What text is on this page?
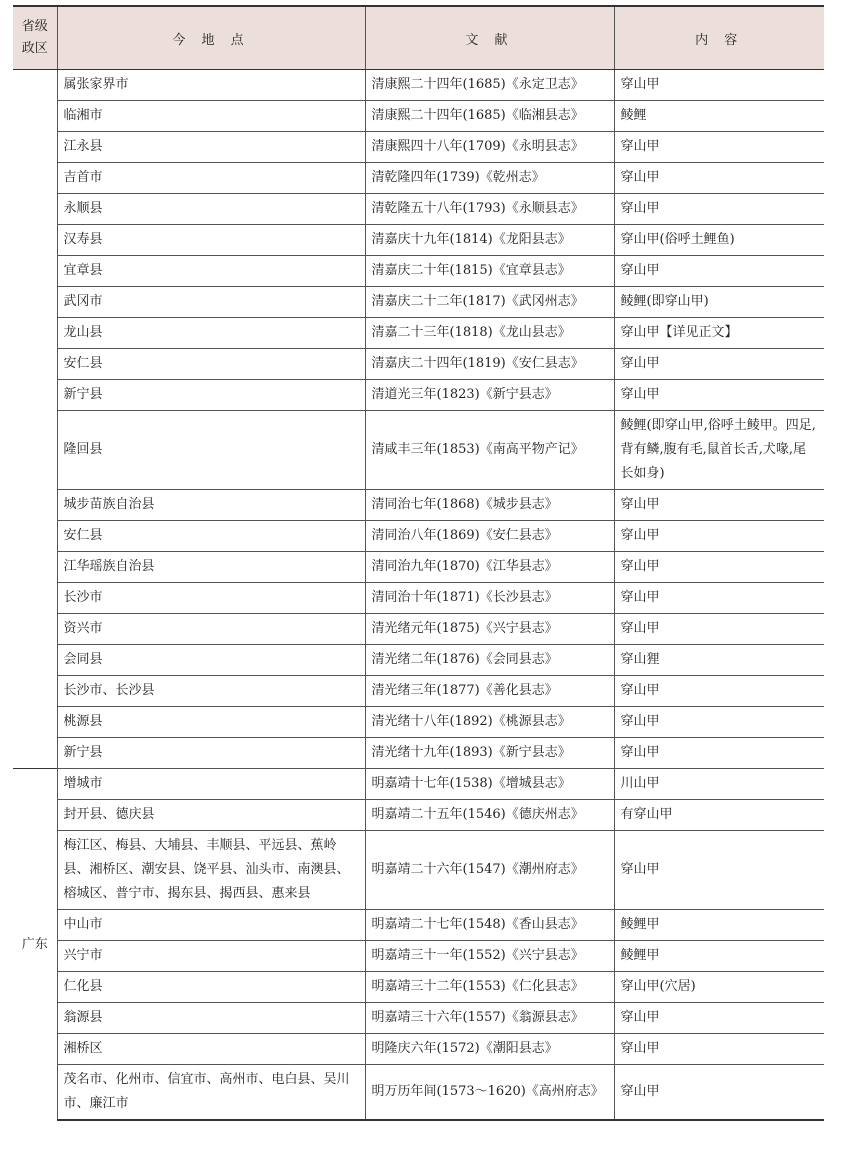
省级
政区	今 地 点	文 献	内 容
	属张家界市	清康熙二十四年(1685)《永定卫志》	穿山甲
	临湘市	清康熙二十四年(1685)《临湘县志》	鲮鲤
	江永县	清康熙四十八年(1709)《永明县志》	穿山甲
	吉首市	清乾隆四年(1739)《乾州志》	穿山甲
	永顺县	清乾隆五十八年(1793)《永顺县志》	穿山甲
	汉寿县	清嘉庆十九年(1814)《龙阳县志》	穿山甲(俗呼土鲤鱼)
	宜章县	清嘉庆二十年(1815)《宜章县志》	穿山甲
	武冈市	清嘉庆二十二年(1817)《武冈州志》	鲮鲤(即穿山甲)
	龙山县	清嘉二十三年(1818)《龙山县志》	穿山甲【详见正文】
	安仁县	清嘉庆二十四年(1819)《安仁县志》	穿山甲
	新宁县	清道光三年(1823)《新宁县志》	穿山甲
	隆回县	清咸丰三年(1853)《南高平物产记》	鲮鲤(即穿山甲,俗呼土鲮甲。四足,背有鳞,腹有毛,鼠首长舌,犬喙,尾长如身)
	城步苗族自治县	清同治七年(1868)《城步县志》	穿山甲
	安仁县	清同治八年(1869)《安仁县志》	穿山甲
	江华瑶族自治县	清同治九年(1870)《江华县志》	穿山甲
	长沙市	清同治十年(1871)《长沙县志》	穿山甲
	资兴市	清光绪元年(1875)《兴宁县志》	穿山甲
	会同县	清光绪二年(1876)《会同县志》	穿山狸
	长沙市、长沙县	清光绪三年(1877)《善化县志》	穿山甲
	桃源县	清光绪十八年(1892)《桃源县志》	穿山甲
	新宁县	清光绪十九年(1893)《新宁县志》	穿山甲
广东	增城市	明嘉靖十七年(1538)《增城县志》	川山甲
	封开县、德庆县	明嘉靖二十五年(1546)《德庆州志》	有穿山甲
	梅江区、梅县、大埔县、丰顺县、平远县、蕉岭县、湘桥区、潮安县、饶平县、汕头市、南澳县、榕城区、普宁市、揭东县、揭西县、惠来县	明嘉靖二十六年(1547)《潮州府志》	穿山甲
	中山市	明嘉靖二十七年(1548)《香山县志》	鲮鲤甲
	兴宁市	明嘉靖三十一年(1552)《兴宁县志》	鲮鲤甲
	仁化县	明嘉靖三十二年(1553)《仁化县志》	穿山甲(穴居)
	翁源县	明嘉靖三十六年(1557)《翁源县志》	穿山甲
	湘桥区	明隆庆六年(1572)《潮阳县志》	穿山甲
	茂名市、化州市、信宜市、高州市、电白县、吴川市、廉江市	明万历年间(1573～1620)《高州府志》	穿山甲
